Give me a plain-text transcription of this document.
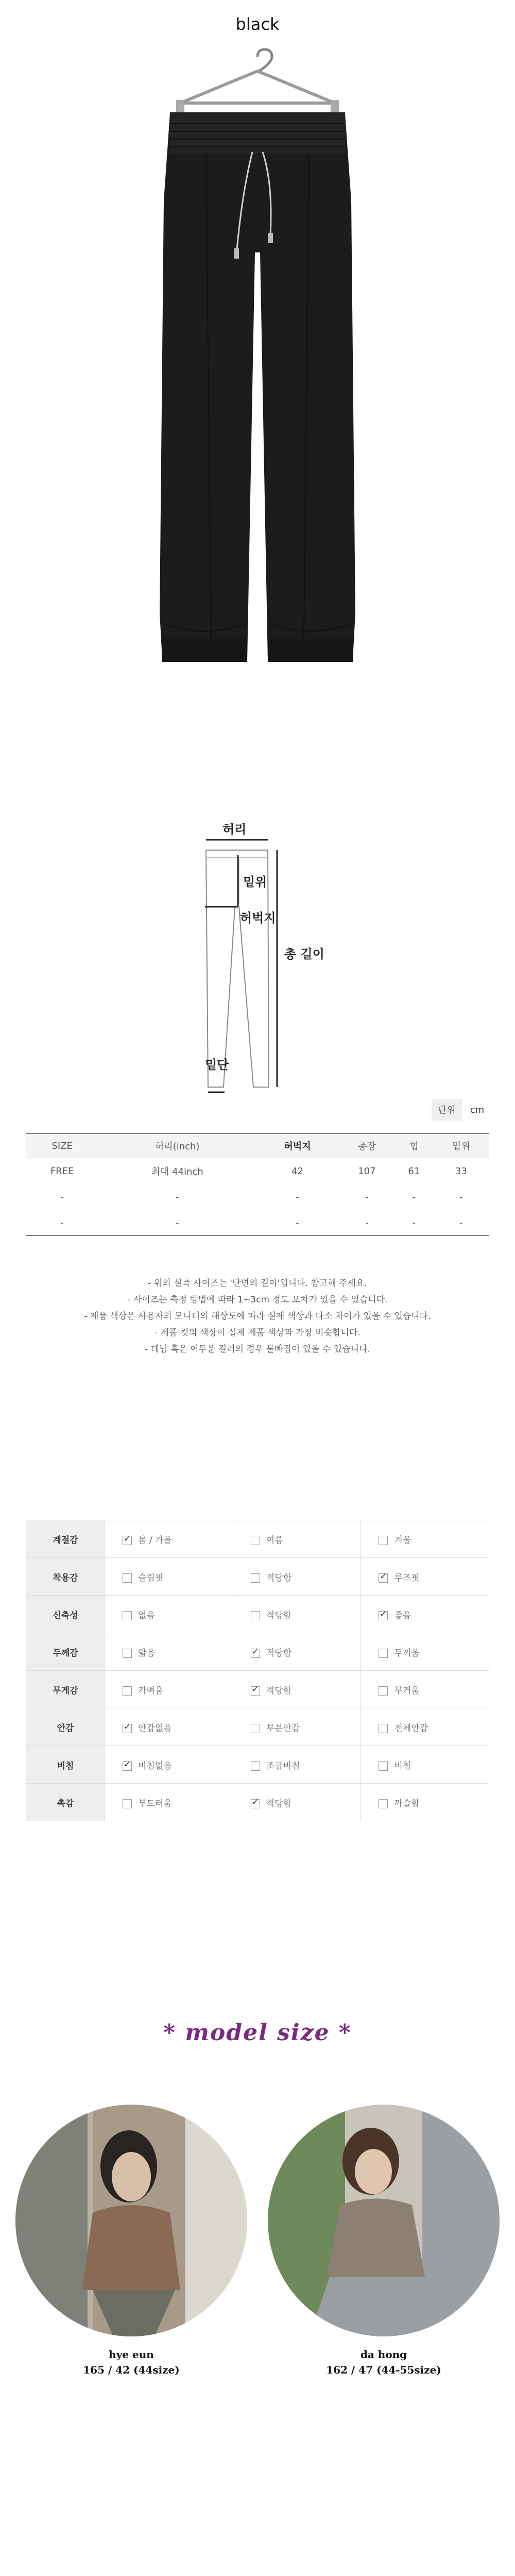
black
허리
밑위
허벅지
총 길이
밑단
단위	cm
SIZE	허리(inch)	허벅지	총장	힙	밑위
FREE	최대 44inch	42	107	61	33
-	-	-	-	-	-
-	-	-	-	-	-
- 위의 실측 사이즈는 '단면의 길이'입니다. 참고해 주세요.
- 사이즈는 측정 방법에 따라 1~3cm 정도 오차가 있을 수 있습니다.
- 제품 색상은 사용자의 모니터의 해상도에 따라 실제 색상과 다소 차이가 있을 수 있습니다.
- 제품 컷의 색상이 실제 제품 색상과 가장 비슷합니다.
- 데님 혹은 어두운 컬러의 경우 물빠짐이 있을 수 있습니다.
계절감	✓봄 / 가을	여름	겨울
착용감	슬림핏	적당함	✓루즈핏
신축성	없음	적당함	✓좋음
두께감	얇음	✓적당함	두꺼움
무게감	가벼움	✓적당함	무거움
안감	✓안감없음	부분안감	전체안감
비침	✓비침없음	조금비침	비침
촉감	부드러움	✓적당함	까슬함
* model size *
hye eun
165 / 42 (44size)
da hong
162 / 47 (44-55size)
